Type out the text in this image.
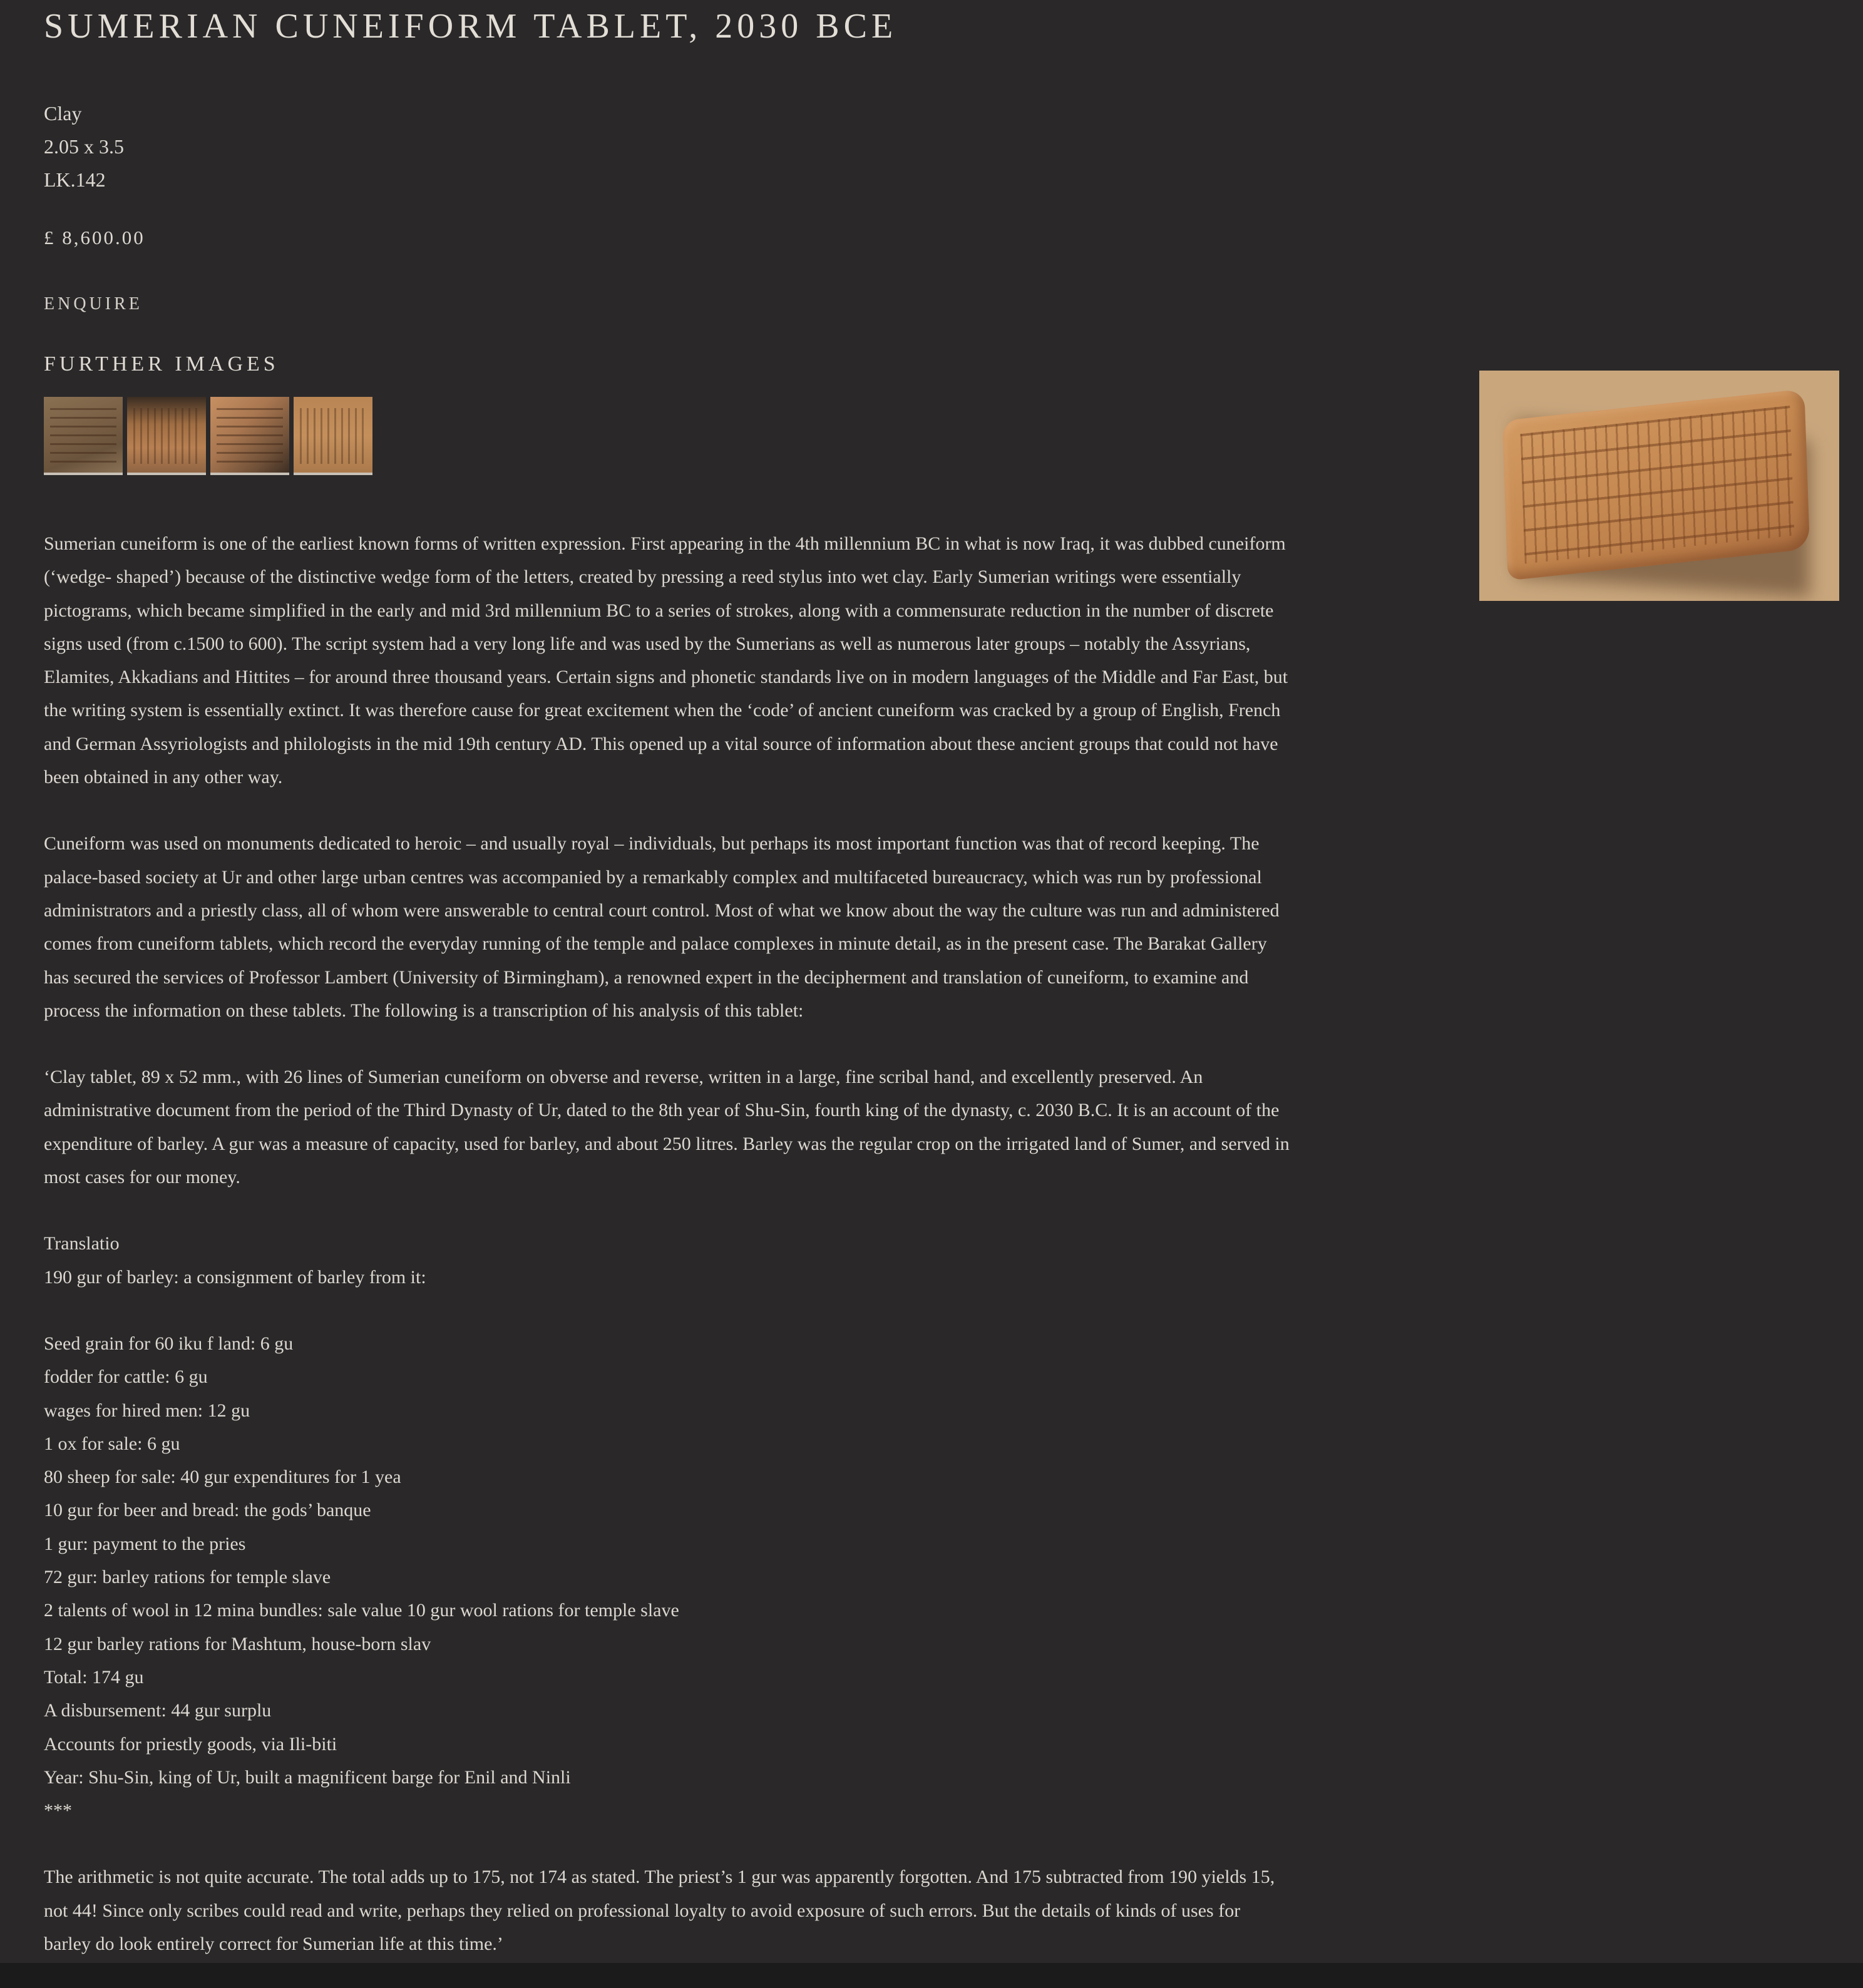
SUMERIAN CUNEIFORM TABLET, 2030 BCE
Clay
2.05 x 3.5
LK.142
£ 8,600.00
ENQUIRE
FURTHER IMAGES

Sumerian cuneiform is one of the earliest known forms of written expression. First appearing in the 4th millennium BC in what is now Iraq, it was dubbed cuneiform (‘wedge- shaped’) because of the distinctive wedge form of the letters, created by pressing a reed stylus into wet clay. Early Sumerian writings were essentially pictograms, which became simplified in the early and mid 3rd millennium BC to a series of strokes, along with a commensurate reduction in the number of discrete signs used (from c.1500 to 600). The script system had a very long life and was used by the Sumerians as well as numerous later groups – notably the Assyrians, Elamites, Akkadians and Hittites – for around three thousand years. Certain signs and phonetic standards live on in modern languages of the Middle and Far East, but the writing system is essentially extinct. It was therefore cause for great excitement when the ‘code’ of ancient cuneiform was cracked by a group of English, French and German Assyriologists and philologists in the mid 19th century AD. This opened up a vital source of information about these ancient groups that could not have been obtained in any other way.

Cuneiform was used on monuments dedicated to heroic – and usually royal – individuals, but perhaps its most important function was that of record keeping. The palace-based society at Ur and other large urban centres was accompanied by a remarkably complex and multifaceted bureaucracy, which was run by professional administrators and a priestly class, all of whom were answerable to central court control. Most of what we know about the way the culture was run and administered comes from cuneiform tablets, which record the everyday running of the temple and palace complexes in minute detail, as in the present case. The Barakat Gallery has secured the services of Professor Lambert (University of Birmingham), a renowned expert in the decipherment and translation of cuneiform, to examine and process the information on these tablets. The following is a transcription of his analysis of this tablet:

‘Clay tablet, 89 x 52 mm., with 26 lines of Sumerian cuneiform on obverse and reverse, written in a large, fine scribal hand, and excellently preserved. An administrative document from the period of the Third Dynasty of Ur, dated to the 8th year of Shu-Sin, fourth king of the dynasty, c. 2030 B.C. It is an account of the expenditure of barley. A gur was a measure of capacity, used for barley, and about 250 litres. Barley was the regular crop on the irrigated land of Sumer, and served in most cases for our money.

Translatio
190 gur of barley: a consignment of barley from it:
Seed grain for 60 iku f land: 6 gu
fodder for cattle: 6 gu
wages for hired men: 12 gu
1 ox for sale: 6 gu
80 sheep for sale: 40 gur expenditures for 1 yea
10 gur for beer and bread: the gods’ banque
1 gur: payment to the pries
72 gur: barley rations for temple slave
2 talents of wool in 12 mina bundles: sale value 10 gur wool rations for temple slave
12 gur barley rations for Mashtum, house-born slav
Total: 174 gu
A disbursement: 44 gur surplu
Accounts for priestly goods, via Ili-biti
Year: Shu-Sin, king of Ur, built a magnificent barge for Enil and Ninli
***

The arithmetic is not quite accurate. The total adds up to 175, not 174 as stated. The priest’s 1 gur was apparently forgotten. And 175 subtracted from 190 yields 15, not 44! Since only scribes could read and write, perhaps they relied on professional loyalty to avoid exposure of such errors. But the details of kinds of uses for barley do look entirely correct for Sumerian life at this time.’
